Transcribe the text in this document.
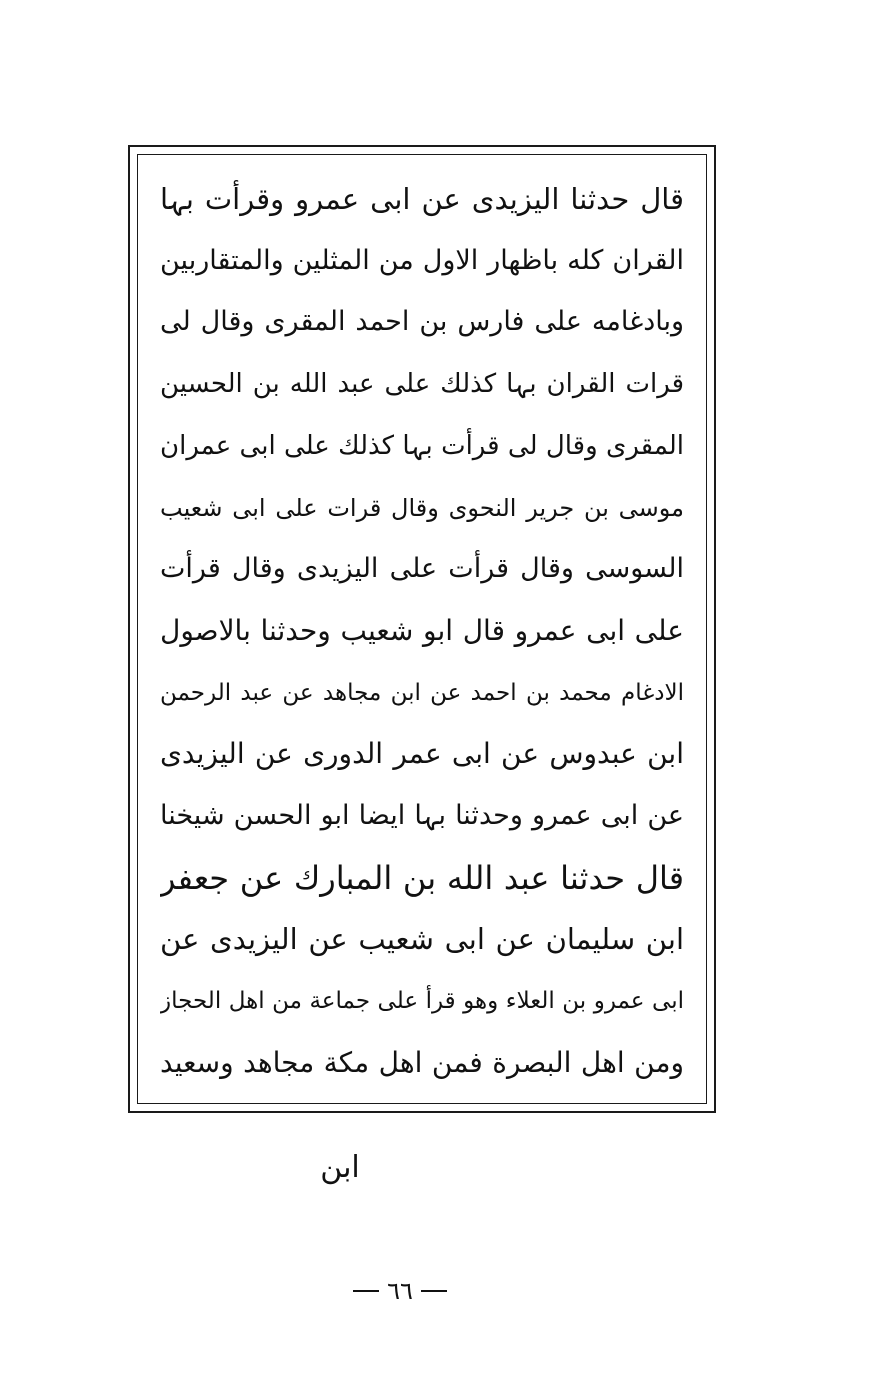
قال حدثنا اليزيدی عن ابی عمرو وقرأت بہا
القران كله باظهار الاول من المثلین والمتقاربین
وبادغامه علی فارس بن احمد المقری وقال لی
قرات القران بہا كذلك علی عبد الله بن الحسین
المقری وقال لی قرأت بہا كذلك علی ابی عمران
موسی بن جریر النحوی وقال قرات علی ابی شعیب
السوسی وقال قرأت علی الیزیدی وقال قرأت
علی ابی عمرو قال ابو شعیب وحدثنا بالاصول
الادغام محمد بن احمد عن ابن مجاهد عن عبد الرحمن
ابن عبدوس عن ابی عمر الدوری عن الیزیدی
عن ابی عمرو وحدثنا بہا ایضا ابو الحسن شیخنا
قال حدثنا عبد الله بن المبارك عن جعفر
ابن سلیمان عن ابی شعیب عن الیزیدی عن
ابی عمرو بن العلاء وهو قرأ علی جماعة من اهل الحجاز
ومن اهل البصرة فمن اهل مكة مجاهد وسعید
ابن
٦٦
